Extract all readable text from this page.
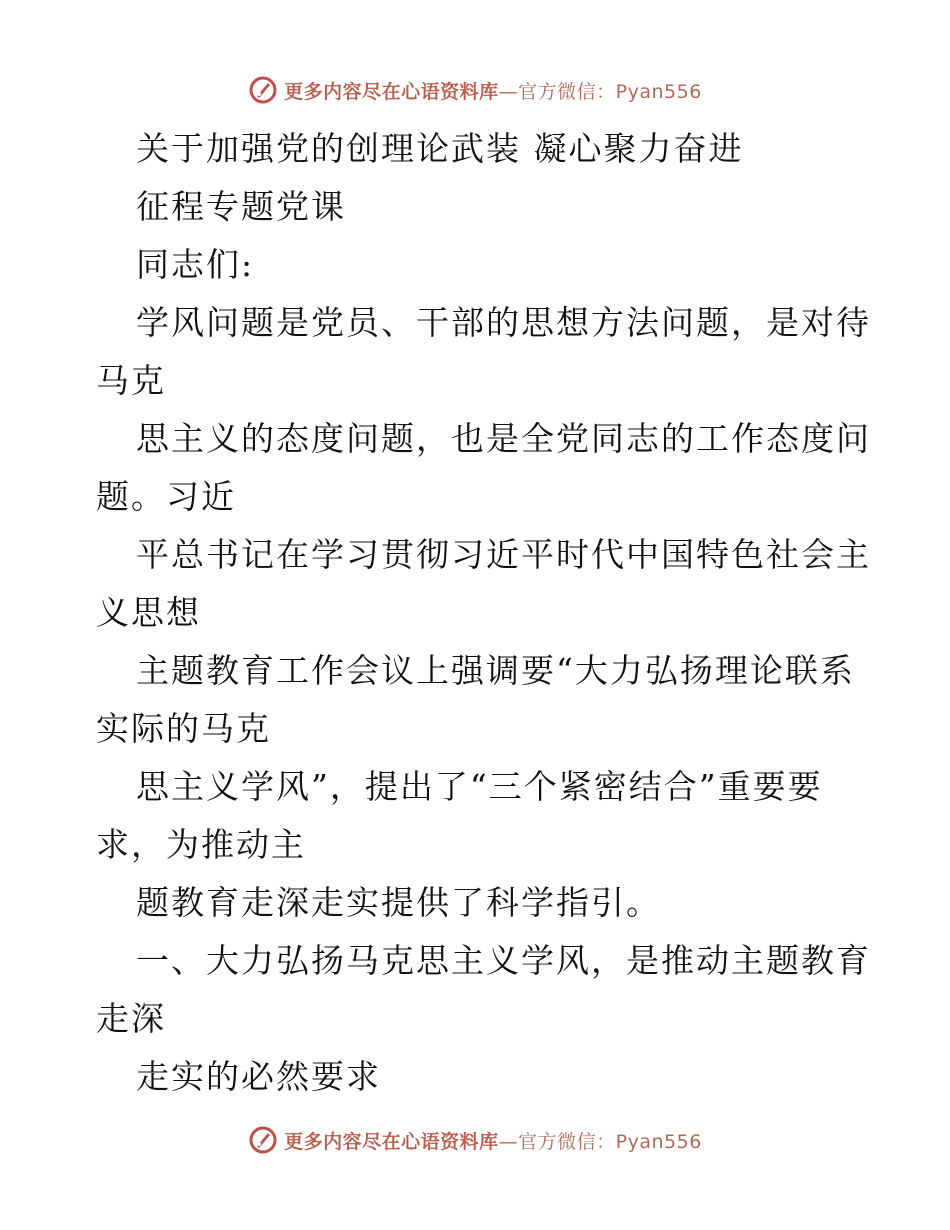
更多内容尽在心语资料库—官方微信：Pyan556
关于加强党的创理论武装 凝心聚力奋进
征程专题党课
同志们:
学风问题是党员、干部的思想方法问题，是对待
马克
思主义的态度问题，也是全党同志的工作态度问
题。习近
平总书记在学习贯彻习近平时代中国特色社会主
义思想
主题教育工作会议上强调要“大力弘扬理论联系
实际的马克
思主义学风”，提出了“三个紧密结合”重要要
求，为推动主
题教育走深走实提供了科学指引。
一、大力弘扬马克思主义学风，是推动主题教育
走深
走实的必然要求
更多内容尽在心语资料库—官方微信：Pyan556
